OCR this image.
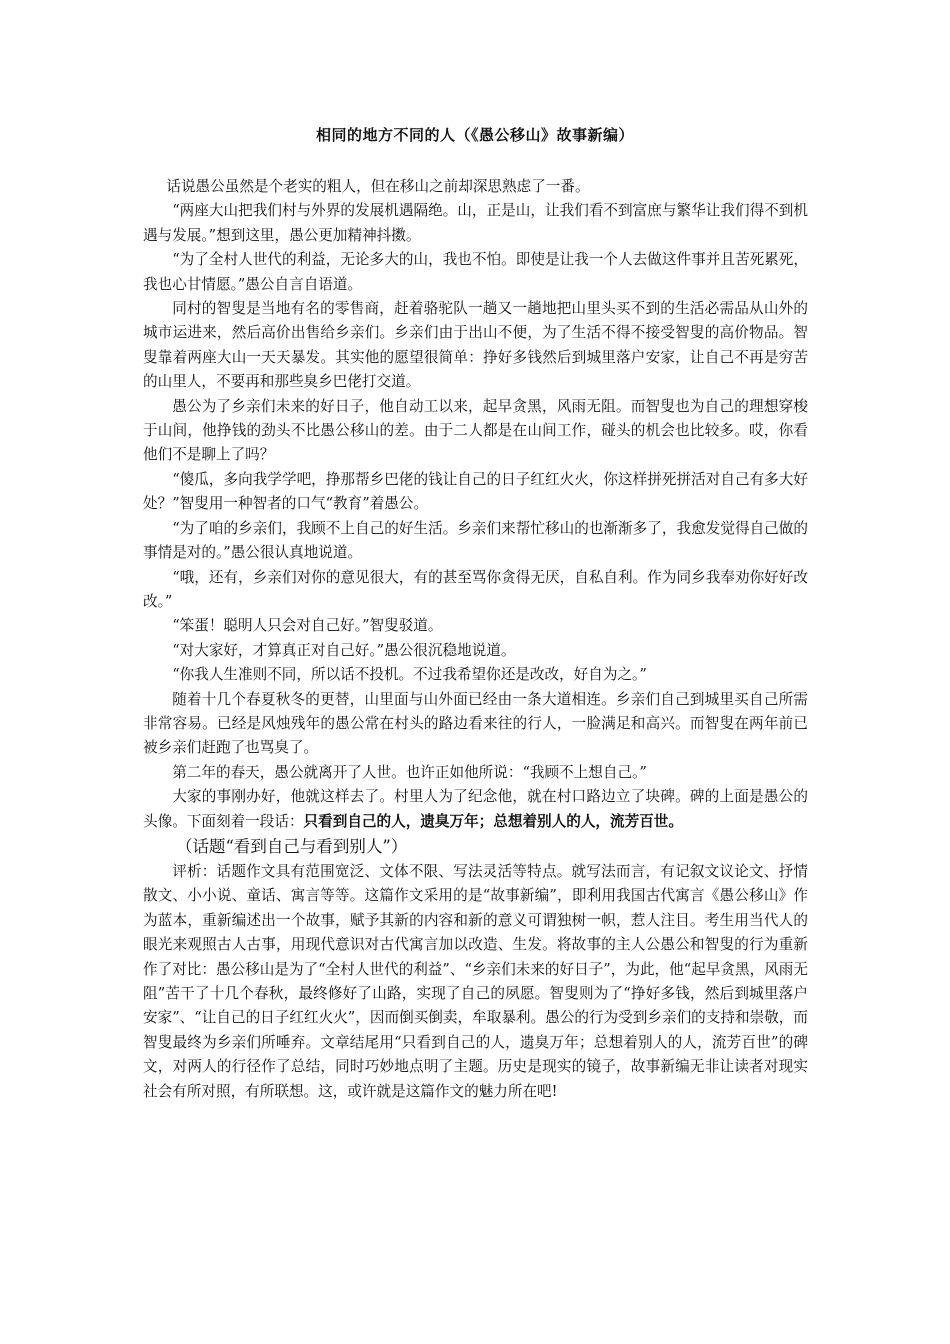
相同的地方不同的人（《愚公移山》故事新编）

话说愚公虽然是个老实的粗人，但在移山之前却深思熟虑了一番。

“两座大山把我们村与外界的发展机遇隔绝。山，正是山，让我们看不到富庶与繁华让我们得不到机遇与发展。”想到这里，愚公更加精神抖擞。

“为了全村人世代的利益，无论多大的山，我也不怕。即使是让我一个人去做这件事并且苦死累死，我也心甘情愿。”愚公自言自语道。

同村的智叟是当地有名的零售商，赶着骆驼队一趟又一趟地把山里头买不到的生活必需品从山外的城市运进来，然后高价出售给乡亲们。乡亲们由于出山不便，为了生活不得不接受智叟的高价物品。智叟靠着两座大山一天天暴发。其实他的愿望很简单：挣好多钱然后到城里落户安家，让自己不再是穷苦的山里人，不要再和那些臭乡巴佬打交道。

愚公为了乡亲们未来的好日子，他自动工以来，起早贪黑，风雨无阻。而智叟也为自己的理想穿梭于山间，他挣钱的劲头不比愚公移山的差。由于二人都是在山间工作，碰头的机会也比较多。哎，你看他们不是聊上了吗？

“傻瓜，多向我学学吧，挣那帮乡巴佬的钱让自己的日子红红火火，你这样拼死拼活对自己有多大好处？”智叟用一种智者的口气“教育”着愚公。

“为了咱的乡亲们，我顾不上自己的好生活。乡亲们来帮忙移山的也渐渐多了，我愈发觉得自己做的事情是对的。”愚公很认真地说道。

“哦，还有，乡亲们对你的意见很大，有的甚至骂你贪得无厌，自私自利。作为同乡我奉劝你好好改改。”

“笨蛋！聪明人只会对自己好。”智叟驳道。

“对大家好，才算真正对自己好。”愚公很沉稳地说道。

“你我人生准则不同，所以话不投机。不过我希望你还是改改，好自为之。”

随着十几个春夏秋冬的更替，山里面与山外面已经由一条大道相连。乡亲们自己到城里买自己所需非常容易。已经是风烛残年的愚公常在村头的路边看来往的行人，一脸满足和高兴。而智叟在两年前已被乡亲们赶跑了也骂臭了。

第二年的春天，愚公就离开了人世。也许正如他所说：“我顾不上想自己。”

大家的事刚办好，他就这样去了。村里人为了纪念他，就在村口路边立了块碑。碑的上面是愚公的头像。下面刻着一段话：只看到自己的人，遗臭万年；总想着别人的人，流芳百世。

（话题“看到自己与看到别人”）

评析：话题作文具有范围宽泛、文体不限、写法灵活等特点。就写法而言，有记叙文议论文、抒情散文、小小说、童话、寓言等等。这篇作文采用的是“故事新编”，即利用我国古代寓言《愚公移山》作为蓝本，重新编述出一个故事，赋予其新的内容和新的意义可谓独树一帜，惹人注目。考生用当代人的眼光来观照古人古事，用现代意识对古代寓言加以改造、生发。将故事的主人公愚公和智叟的行为重新作了对比：愚公移山是为了“全村人世代的利益”、“乡亲们未来的好日子”，为此，他“起早贪黑，风雨无阻”苦干了十几个春秋，最终修好了山路，实现了自己的夙愿。智叟则为了“挣好多钱，然后到城里落户安家”、“让自己的日子红红火火”，因而倒买倒卖，牟取暴利。愚公的行为受到乡亲们的支持和崇敬，而智叟最终为乡亲们所唾弃。文章结尾用“只看到自己的人，遗臭万年；总想着别人的人，流芳百世”的碑文，对两人的行径作了总结，同时巧妙地点明了主题。历史是现实的镜子，故事新编无非让读者对现实社会有所对照，有所联想。这，或许就是这篇作文的魅力所在吧!
